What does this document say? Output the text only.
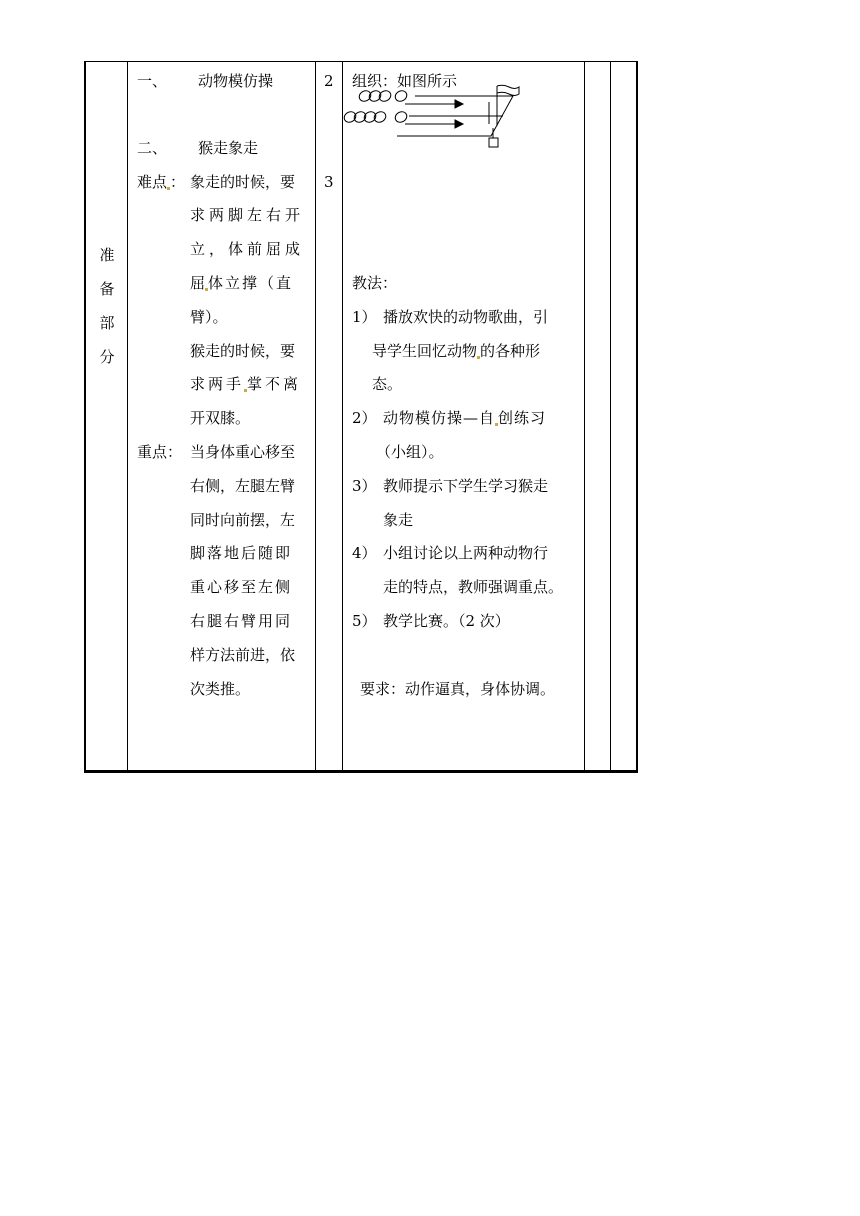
准
备
部
分
一、 动物模仿操
二、 猴走象走
难点 ： 象走的时候，要
求两脚左右开
立，体前屈成
屈 体立撑（直
臂）。
猴走的时候，要
求两手 掌不离
开双膝。
重点： 当身体重心移至
右侧，左腿左臂
同时向前摆，左
脚落地后随即
重心移至左侧
右腿右臂用同
样方法前进，依
次类推。
2
3
组织：如图所示
教法：
1） 播放欢快的动物歌曲，引
导学生回忆动物 的各种形
态。
2） 动物模仿操—自 创练习
（小组）。
3） 教师提示下学生学习猴走
象走
4） 小组讨论以上两种动物行
走的特点，教师强调重点。
5） 教学比赛。（2 次）
要求：动作逼真，身体协调。
